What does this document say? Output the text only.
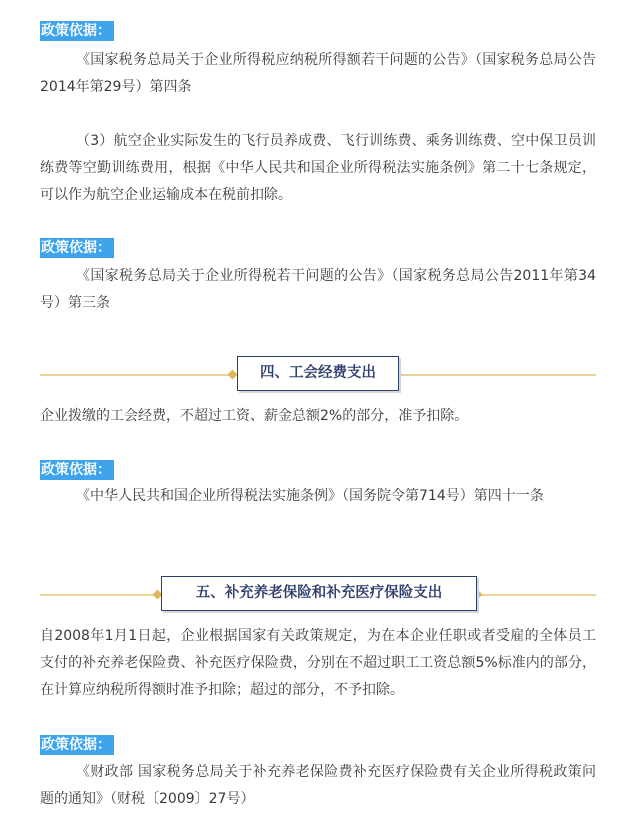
政策依据：

《国家税务总局关于企业所得税应纳税所得额若干问题的公告》（国家税务总局公告2014年第29号）第四条

（3）航空企业实际发生的飞行员养成费、飞行训练费、乘务训练费、空中保卫员训练费等空勤训练费用，根据《中华人民共和国企业所得税法实施条例》第二十七条规定，可以作为航空企业运输成本在税前扣除。

政策依据：

《国家税务总局关于企业所得税若干问题的公告》（国家税务总局公告2011年第34号）第三条

四、工会经费支出

企业拨缴的工会经费，不超过工资、薪金总额2%的部分，准予扣除。

政策依据：

《中华人民共和国企业所得税法实施条例》（国务院令第714号）第四十一条

五、补充养老保险和补充医疗保险支出

自2008年1月1日起，企业根据国家有关政策规定，为在本企业任职或者受雇的全体员工支付的补充养老保险费、补充医疗保险费，分别在不超过职工工资总额5%标准内的部分，在计算应纳税所得额时准予扣除；超过的部分，不予扣除。

政策依据：

《财政部 国家税务总局关于补充养老保险费补充医疗保险费有关企业所得税政策问题的通知》（财税〔2009〕27号）
